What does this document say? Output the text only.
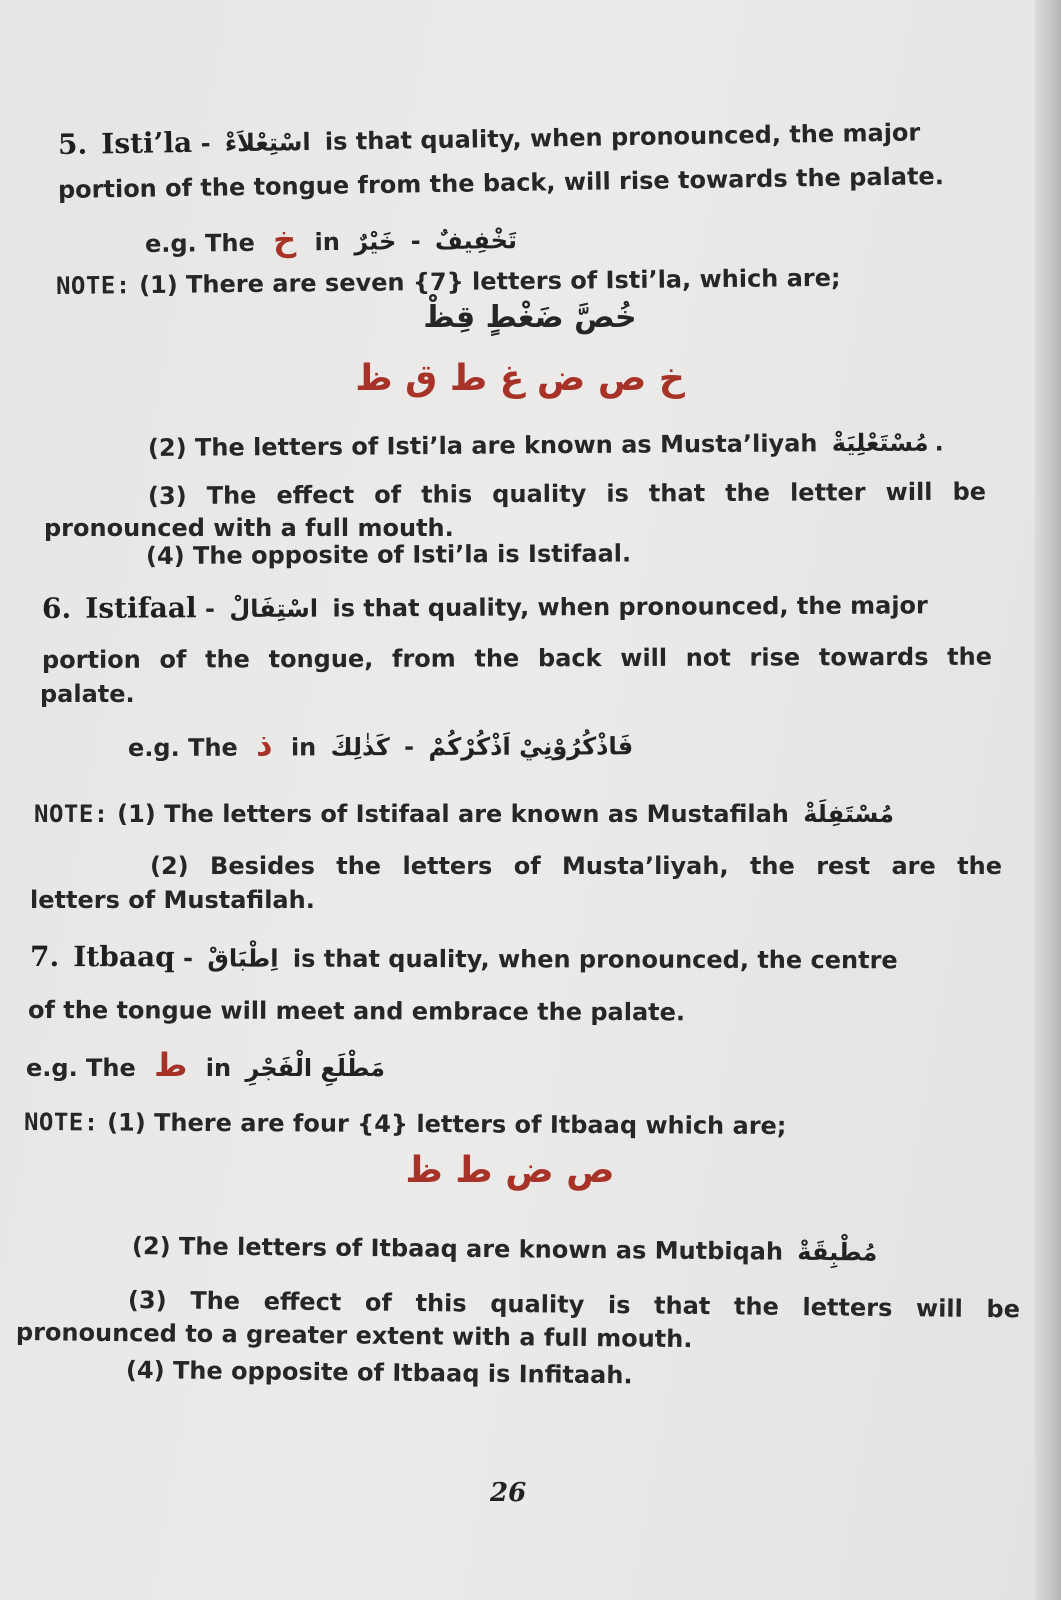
5. Isti’la - اسْتِعْلاَءْ is that quality, when pronounced, the major
portion of the tongue from the back, will rise towards the palate.
e.g. The خ in خَيْرٌ - تَخْفِيفٌ
NOTE: (1) There are seven {7} letters of Isti’la, which are;
خُصَّ ضَغْطٍ قِظْ
خ ص ض غ ط ق ظ
(2) The letters of Isti’la are known as Musta’liyah مُسْتَعْلِيَةْ .
(3) The effect of this quality is that the letter will be
pronounced with a full mouth.
(4) The opposite of Isti’la is Istifaal.
6. Istifaal - اسْتِفَالْ is that quality, when pronounced, the major
portion of the tongue, from the back will not rise towards the
palate.
e.g. The ذ in كَذٰلِكَ - فَاذْكُرُوْنِيْ اَذْكُرْكُمْ
NOTE: (1) The letters of Istifaal are known as Mustafilah مُسْتَفِلَةْ
(2) Besides the letters of Musta’liyah, the rest are the
letters of Mustafilah.
7. Itbaaq - اِطْبَاقْ is that quality, when pronounced, the centre
of the tongue will meet and embrace the palate.
e.g. The ط in مَطْلَعِ الْفَجْرِ
NOTE: (1) There are four {4} letters of Itbaaq which are;
ص ض ط ظ
(2) The letters of Itbaaq are known as Mutbiqah مُطْبِقَةْ
(3) The effect of this quality is that the letters will be
pronounced to a greater extent with a full mouth.
(4) The opposite of Itbaaq is Infitaah.
26
